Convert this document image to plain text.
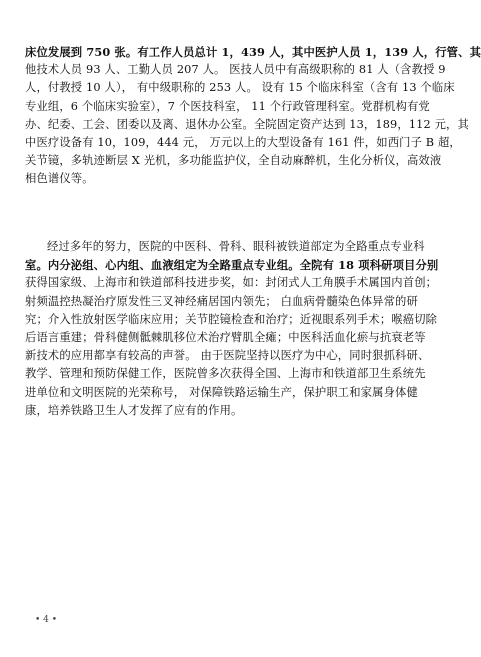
床位发展到 750 张。有工作人员总计 1，439 人，其中医护人员 1，139 人，行管、其
他技术人员 93 人、工勤人员 207 人。 医技人员中有高级职称的 81 人（含教授 9
人，付教授 10 人）， 有中级职称的 253 人。 设有 15 个临床科室（含有 13 个临床
专业组，6 个临床实验室），7 个医技科室， 11 个行政管理科室。党群机构有党
办、纪委、工会、团委以及离、退休办公室。全院固定资产达到 13，189，112 元，其
中医疗设备有 10，109，444 元， 万元以上的大型设备有 161 件，如西门子 B 超，
关节镜，多轨迹断层 X 光机，多功能监护仪，全自动麻醉机，生化分析仪，高效液
相色谱仪等。
经过多年的努力，医院的中医科、骨科、眼科被铁道部定为全路重点专业科
室。内分泌组、心内组、血液组定为全路重点专业组。全院有 18 项科研项目分别
获得国家级、上海市和铁道部科技进步奖，如：封闭式人工角膜手术属国内首创；
射频温控热凝治疗原发性三叉神经痛居国内领先； 白血病骨髓染色体异常的研
究；介入性放射医学临床应用；关节腔镜检查和治疗；近视眼系列手术；喉癌切除
后语言重建；骨科健侧骶棘肌移位术治疗臂肌全瘫；中医科活血化瘀与抗衰老等
新技术的应用都享有较高的声誉。 由于医院坚持以医疗为中心，同时狠抓科研、
教学、管理和预防保健工作，医院曾多次获得全国、上海市和铁道部卫生系统先
进单位和文明医院的光荣称号， 对保障铁路运输生产，保护职工和家属身体健
康，培养铁路卫生人才发挥了应有的作用。
• 4 •
